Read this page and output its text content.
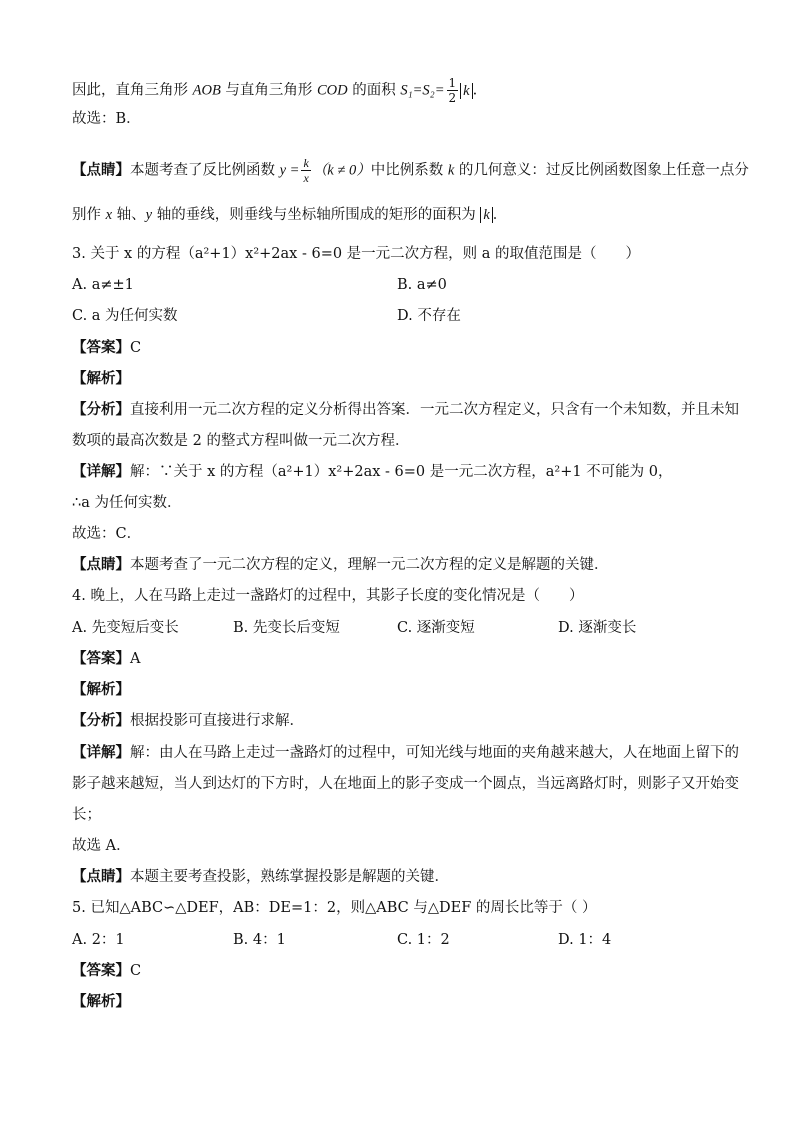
因此，直角三角形 AOB 与直角三角形 COD 的面积 $S_1=S_2= \frac{1}{2}$ k .
故选：B．
【点睛】本题考查了反比例函数 $y = \frac{k}{x} (k \ne 0)$中比例系数 k 的几何意义：过反比例函数图象上任意一点分
别作 x 轴、y 轴的垂线，则垂线与坐标轴所围成的矩形的面积为 k ．
3. 关于 x 的方程（a²+1）x²+2ax - 6=0 是一元二次方程，则 a 的取值范围是（　　）
A. a≠±1	B. a≠0
C. a 为任何实数	D. 不存在
【答案】C
【解析】
【分析】直接利用一元二次方程的定义分析得出答案．一元二次方程定义，只含有一个未知数，并且未知
数项的最高次数是 2 的整式方程叫做一元二次方程．
【详解】解：∵关于 x 的方程（a²+1）x²+2ax - 6=0 是一元二次方程，a²+1 不可能为 0，
∴a 为任何实数．
故选：C．
【点睛】本题考查了一元二次方程的定义，理解一元二次方程的定义是解题的关键．
4. 晚上，人在马路上走过一盏路灯的过程中，其影子长度的变化情况是（　　）
A. 先变短后变长	B. 先变长后变短	C. 逐渐变短	D. 逐渐变长
【答案】A
【解析】
【分析】根据投影可直接进行求解．
【详解】解：由人在马路上走过一盏路灯的过程中，可知光线与地面的夹角越来越大，人在地面上留下的
影子越来越短，当人到达灯的下方时，人在地面上的影子变成一个圆点，当远离路灯时，则影子又开始变
长；
故选 A．
【点睛】本题主要考查投影，熟练掌握投影是解题的关键．
5. 已知△ABC∽△DEF，AB：DE=1：2，则△ABC 与△DEF 的周长比等于（ ）
A. 2：1	B. 4：1	C. 1：2	D. 1：4
【答案】C
【解析】
